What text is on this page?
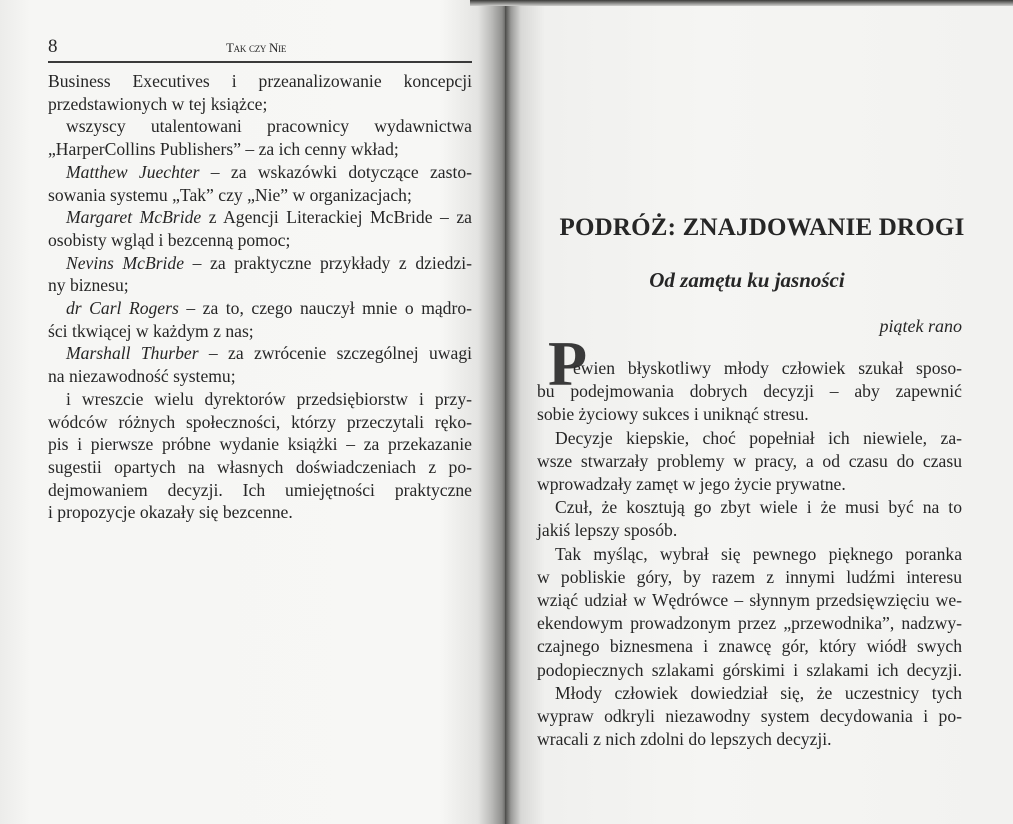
8	Tak czy Nie
Business Executives i przeanalizowanie koncepcji
przedstawionych w tej książce;
wszyscy utalentowani pracownicy wydawnictwa
„HarperCollins Publishers” – za ich cenny wkład;
Matthew Juechter – za wskazówki dotyczące zasto-
sowania systemu „Tak” czy „Nie” w organizacjach;
Margaret McBride z Agencji Literackiej McBride – za
osobisty wgląd i bezcenną pomoc;
Nevins McBride – za praktyczne przykłady z dziedzi-
ny biznesu;
dr Carl Rogers – za to, czego nauczył mnie o mądro-
ści tkwiącej w każdym z nas;
Marshall Thurber – za zwrócenie szczególnej uwagi
na niezawodność systemu;
i wreszcie wielu dyrektorów przedsiębiorstw i przy-
wódców różnych społeczności, którzy przeczytali ręko-
pis i pierwsze próbne wydanie książki – za przekazanie
sugestii opartych na własnych doświadczeniach z po-
dejmowaniem decyzji. Ich umiejętności praktyczne
i propozycje okazały się bezcenne.
PODRÓŻ: ZNAJDOWANIE DROGI
Od zamętu ku jasności
piątek rano
P
ewien błyskotliwy młody człowiek szukał sposo-
bu podejmowania dobrych decyzji – aby zapewnić
sobie życiowy sukces i uniknąć stresu.
Decyzje kiepskie, choć popełniał ich niewiele, za-
wsze stwarzały problemy w pracy, a od czasu do czasu
wprowadzały zamęt w jego życie prywatne.
Czuł, że kosztują go zbyt wiele i że musi być na to
jakiś lepszy sposób.
Tak myśląc, wybrał się pewnego pięknego poranka
w pobliskie góry, by razem z innymi ludźmi interesu
wziąć udział w Wędrówce – słynnym przedsięwzięciu we-
ekendowym prowadzonym przez „przewodnika”, nadzwy-
czajnego biznesmena i znawcę gór, który wiódł swych
podopiecznych szlakami górskimi i szlakami ich decyzji.
Młody człowiek dowiedział się, że uczestnicy tych
wypraw odkryli niezawodny system decydowania i po-
wracali z nich zdolni do lepszych decyzji.
